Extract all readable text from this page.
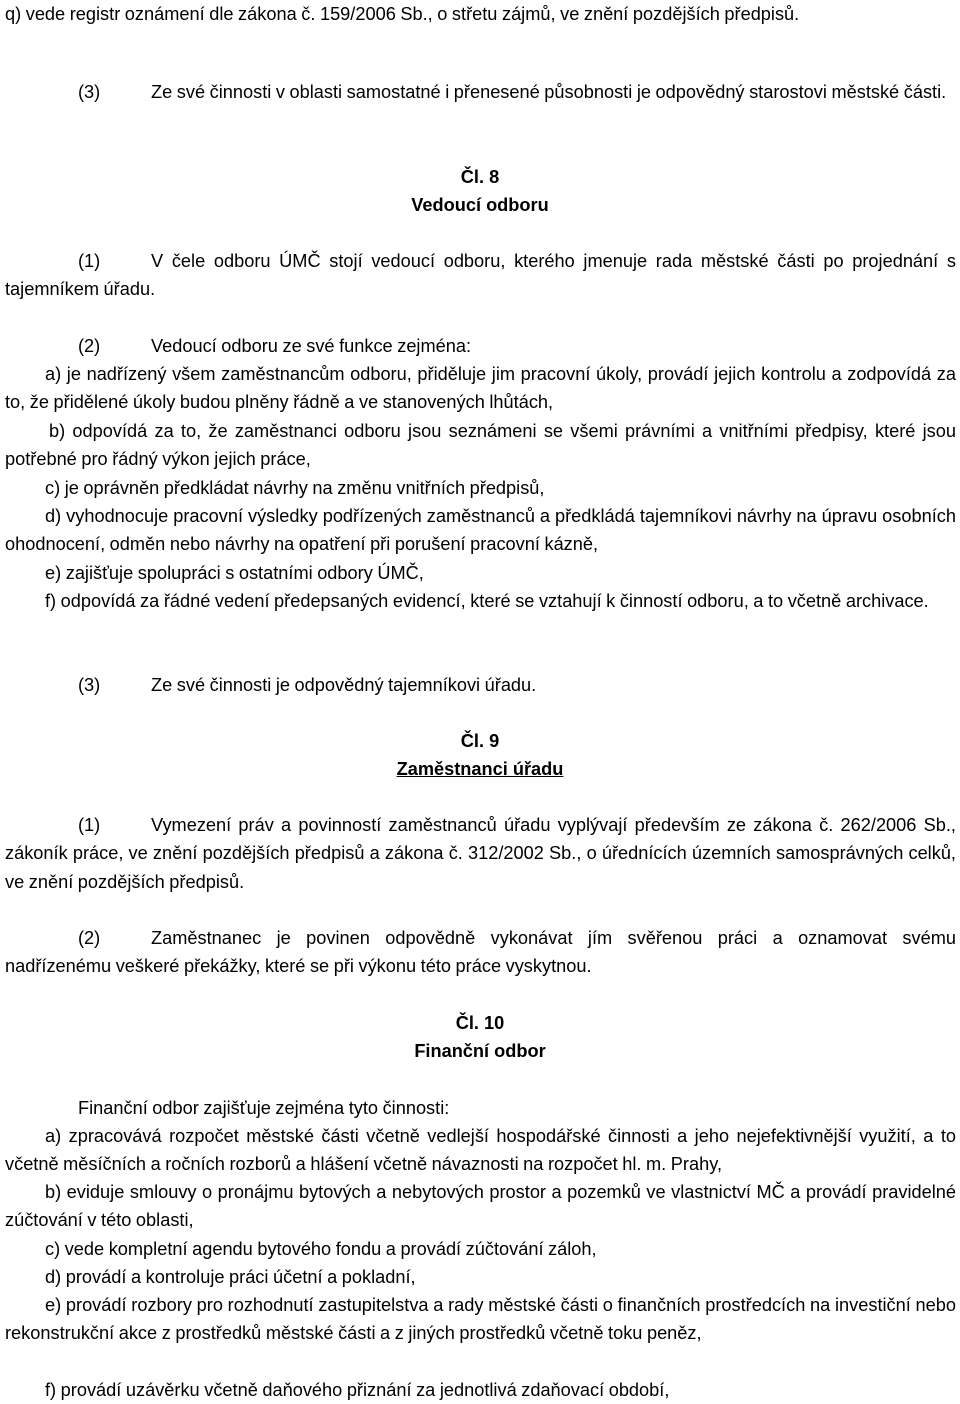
q) vede registr oznámení dle zákona č. 159/2006 Sb., o střetu zájmů, ve znění pozdějších předpisů.

(3)	Ze své činnosti v oblasti samostatné i přenesené působnosti je odpovědný starostovi městské části.

Čl. 8

Vedoucí odboru

(1)	V čele odboru ÚMČ stojí vedoucí odboru, kterého jmenuje rada městské části po projednání s tajemníkem úřadu.

(2)	Vedoucí odboru ze své funkce zejména:

a) je nadřízený všem zaměstnancům odboru, přiděluje jim pracovní úkoly, provádí jejich kontrolu a zodpovídá za to, že přidělené úkoly budou plněny řádně a ve stanovených lhůtách,

b) odpovídá za to, že zaměstnanci odboru jsou seznámeni se všemi právními a vnitřními předpisy, které jsou potřebné pro řádný výkon jejich práce,

c) je oprávněn předkládat návrhy na změnu vnitřních předpisů,

d) vyhodnocuje pracovní výsledky podřízených zaměstnanců a předkládá tajemníkovi návrhy na úpravu osobních ohodnocení, odměn nebo návrhy na opatření při porušení pracovní kázně,

e) zajišťuje spolupráci s ostatními odbory ÚMČ,

f) odpovídá za řádné vedení předepsaných evidencí, které se vztahují k činností odboru, a to včetně archivace.

(3)	Ze své činnosti je odpovědný tajemníkovi úřadu.

Čl. 9

Zaměstnanci úřadu

(1)	Vymezení práv a povinností zaměstnanců úřadu vyplývají především ze zákona č. 262/2006 Sb., zákoník práce, ve znění pozdějších předpisů a zákona č. 312/2002 Sb., o úřednících územních samosprávných celků, ve znění pozdějších předpisů.

(2)	Zaměstnanec je povinen odpovědně vykonávat jím svěřenou práci a oznamovat svému nadřízenému veškeré překážky, které se při výkonu této práce vyskytnou.

Čl. 10

Finanční odbor

Finanční odbor zajišťuje zejména tyto činnosti:

a) zpracovává rozpočet městské části včetně vedlejší hospodářské činnosti a jeho nejefektivnější využití, a to včetně měsíčních a ročních rozborů a hlášení včetně návaznosti na rozpočet hl. m. Prahy,

b) eviduje smlouvy o pronájmu bytových a nebytových prostor a pozemků ve vlastnictví MČ a provádí pravidelné zúčtování v této oblasti,

c) vede kompletní agendu bytového fondu a provádí zúčtování záloh,

d) provádí a kontroluje práci účetní a pokladní,

e) provádí rozbory pro rozhodnutí zastupitelstva a rady městské části o finančních prostředcích na investiční nebo rekonstrukční akce z prostředků městské části a z jiných prostředků včetně toku peněz,

f) provádí uzávěrku včetně daňového přiznání za jednotlivá zdaňovací období,
